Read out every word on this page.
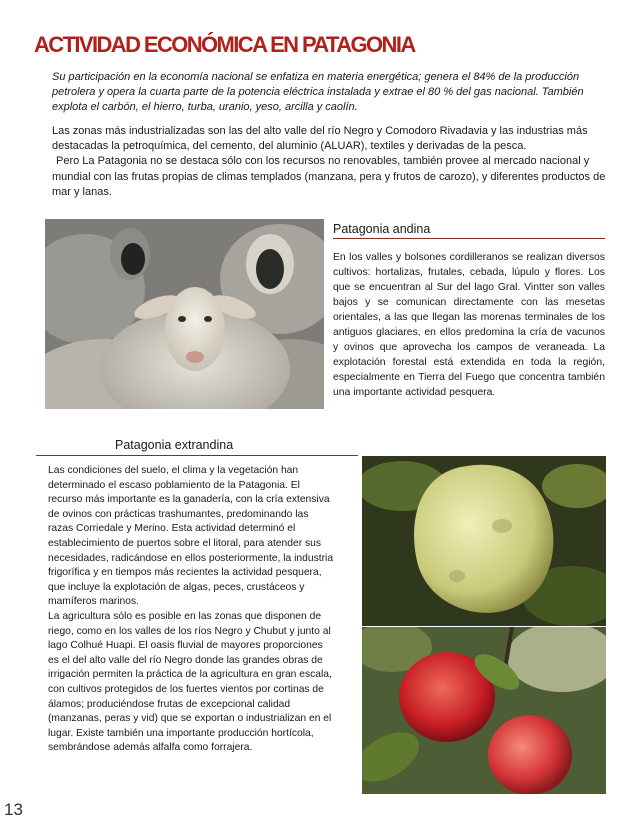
ACTIVIDAD ECONÓMICA EN PATAGONIA

Su participación en la economía nacional se enfatiza en materia energética; genera el 84% de la producción petrolera y opera la cuarta parte de la potencia eléctrica instalada y extrae el 80 % del gas nacional. También explota el carbón, el hierro, turba, uranio, yeso, arcilla y caolín.

Las zonas más industrializadas son las del alto valle del río Negro y Comodoro Rivadavia y las industrias más destacadas la petroquímica, del cemento, del aluminio (ALUAR), textiles y derivadas de la pesca.

Pero La Patagonia no se destaca sólo con los recursos no renovables, también provee al mercado nacional y mundial con las frutas propias de climas templados (manzana, pera y frutos de carozo), y diferentes productos de mar y lanas.

Patagonia andina

En los valles y bolsones cordilleranos se realizan diversos cultivos: hortalizas, frutales, cebada, lúpulo y flores. Los que se encuentran al Sur del lago Gral. Vintter son valles bajos y se comunican directamente con las mesetas orientales, a las que llegan las morenas terminales de los antiguos glaciares, en ellos predomina la cría de vacunos y ovinos que aprovecha los campos de veraneada. La explotación forestal está extendida en toda la región, especialmente en Tierra del Fuego que concentra también una importante actividad pesquera.

Patagonia extrandina

Las condiciones del suelo, el clima y la vegetación han determinado el escaso poblamiento de la Patagonia. El recurso más importante es la ganadería, con la cría extensiva de ovinos con prácticas trashumantes, predominando las razas Corriedale y Merino. Esta actividad determinó el establecimiento de puertos sobre el litoral, para atender sus necesidades, radicándose en ellos posteriormente, la industria frigorífica y en tiempos más recientes la actividad pesquera, que incluye la explotación de algas, peces, crustáceos y mamíferos marinos.

La agricultura sólo es posible en las zonas que disponen de riego, como en los valles de los ríos Negro y Chubut y junto al lago Colhué Huapi. El oasis fluvial de mayores proporciones es el del alto valle del río Negro donde las grandes obras de irrigación permiten la práctica de la agricultura en gran escala, con cultivos protegidos de los fuertes vientos por cortinas de álamos; produciéndose frutas de excepcional calidad (manzanas, peras y vid) que se exportan o industrializan en el lugar. Existe también una importante producción hortícola, sembrándose además alfalfa como forrajera.

13
